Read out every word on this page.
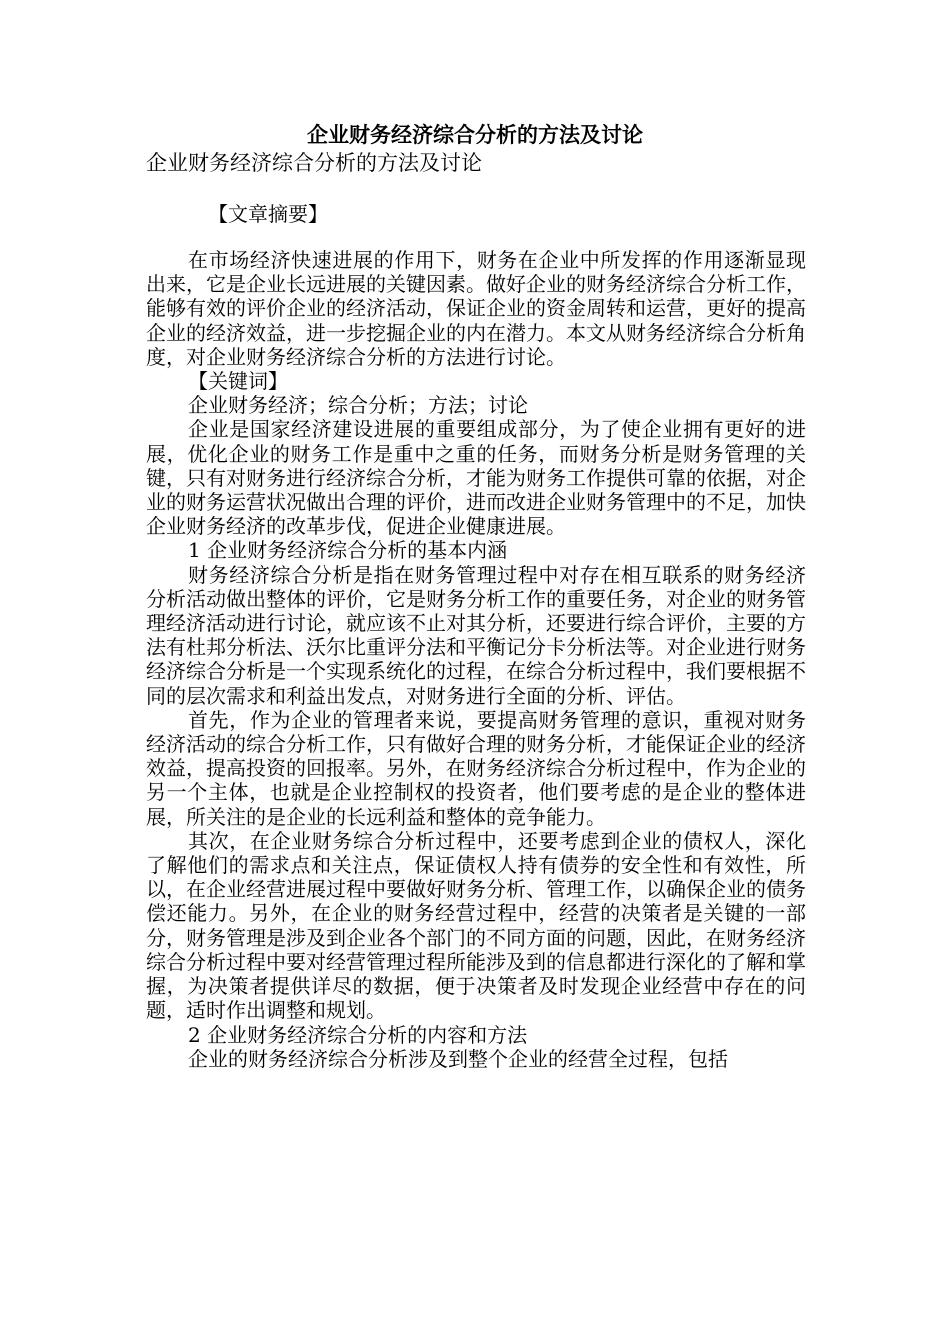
企业财务经济综合分析的方法及讨论
企业财务经济综合分析的方法及讨论
【文章摘要】

在市场经济快速进展的作用下，财务在企业中所发挥的作用逐渐显现出来，它是企业长远进展的关键因素。做好企业的财务经济综合分析工作，能够有效的评价企业的经济活动，保证企业的资金周转和运营，更好的提高企业的经济效益，进一步挖掘企业的内在潜力。本文从财务经济综合分析角度，对企业财务经济综合分析的方法进行讨论。

【关键词】

企业财务经济；综合分析；方法；讨论

企业是国家经济建设进展的重要组成部分，为了使企业拥有更好的进展，优化企业的财务工作是重中之重的任务，而财务分析是财务管理的关键，只有对财务进行经济综合分析，才能为财务工作提供可靠的依据，对企业的财务运营状况做出合理的评价，进而改进企业财务管理中的不足，加快企业财务经济的改革步伐，促进企业健康进展。

1 企业财务经济综合分析的基本内涵

财务经济综合分析是指在财务管理过程中对存在相互联系的财务经济分析活动做出整体的评价，它是财务分析工作的重要任务，对企业的财务管理经济活动进行讨论，就应该不止对其分析，还要进行综合评价，主要的方法有杜邦分析法、沃尔比重评分法和平衡记分卡分析法等。对企业进行财务经济综合分析是一个实现系统化的过程，在综合分析过程中，我们要根据不同的层次需求和利益出发点，对财务进行全面的分析、评估。

首先，作为企业的管理者来说，要提高财务管理的意识，重视对财务经济活动的综合分析工作，只有做好合理的财务分析，才能保证企业的经济效益，提高投资的回报率。另外，在财务经济综合分析过程中，作为企业的另一个主体，也就是企业控制权的投资者，他们要考虑的是企业的整体进展，所关注的是企业的长远利益和整体的竞争能力。

其次，在企业财务综合分析过程中，还要考虑到企业的债权人，深化了解他们的需求点和关注点，保证债权人持有债券的安全性和有效性，所以，在企业经营进展过程中要做好财务分析、管理工作，以确保企业的债务偿还能力。另外，在企业的财务经营过程中，经营的决策者是关键的一部分，财务管理是涉及到企业各个部门的不同方面的问题，因此，在财务经济综合分析过程中要对经营管理过程所能涉及到的信息都进行深化的了解和掌握，为决策者提供详尽的数据，便于决策者及时发现企业经营中存在的问题，适时作出调整和规划。

2 企业财务经济综合分析的内容和方法

企业的财务经济综合分析涉及到整个企业的经营全过程，包括
